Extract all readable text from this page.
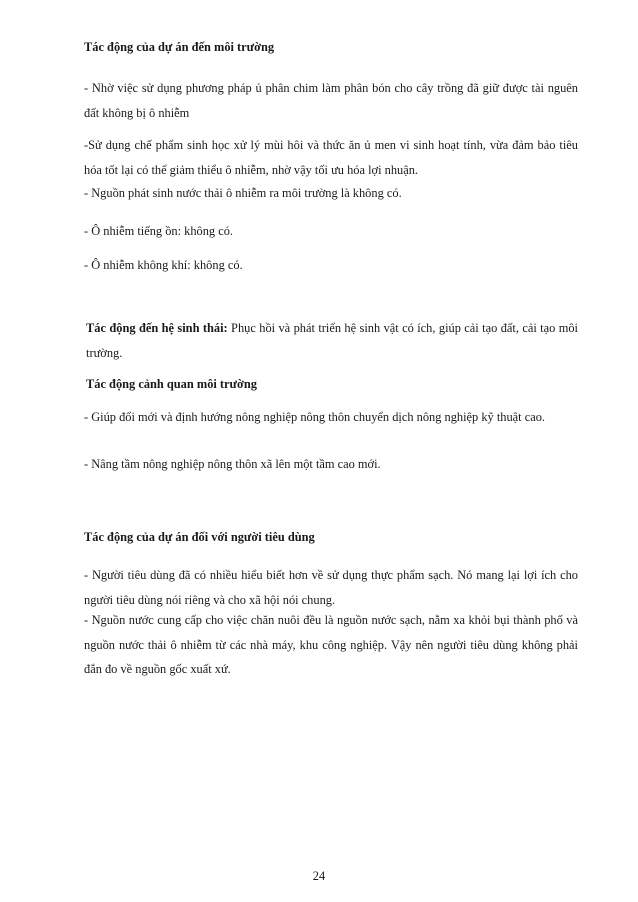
Tác động của dự án đến môi trường

- Nhờ việc sử dụng phương pháp ủ phân chim làm phân bón cho cây trồng đã giữ được tài nguên đất không bị ô nhiễm

-Sử dụng chế phẩm sinh học xử lý mùi hôi và thức ăn ủ men vi sinh hoạt tính, vừa đảm bảo tiêu hóa tốt lại có thể giảm thiểu ô nhiễm, nhờ vậy tối ưu hóa lợi nhuận.

- Nguồn phát sinh nước thải ô nhiễm ra môi trường là không có.

- Ô nhiễm tiếng ồn: không có.

- Ô nhiễm không khí: không có.

Tác động đến hệ sinh thái: Phục hồi và phát triển hệ sinh vật có ích, giúp cải tạo đất, cải tạo môi trường.

Tác động cảnh quan môi trường

- Giúp đổi mới và định hướng nông nghiệp nông thôn chuyển dịch nông nghiệp kỹ thuật cao.

- Nâng tầm nông nghiệp nông thôn xã lên một tầm cao mới.

Tác động của dự án đối với người tiêu dùng

- Người tiêu dùng đã có nhiều hiểu biết hơn về sử dụng thực phẩm sạch. Nó mang lại lợi ích cho người tiêu dùng nói riêng và cho xã hội nói chung.

- Nguồn nước cung cấp cho việc chăn nuôi đều là nguồn nước sạch, nằm xa khỏi bụi thành phố và nguồn nước thải ô nhiễm từ các nhà máy, khu công nghiệp. Vậy nên người tiêu dùng không phải đắn đo về nguồn gốc xuất xứ.

24
